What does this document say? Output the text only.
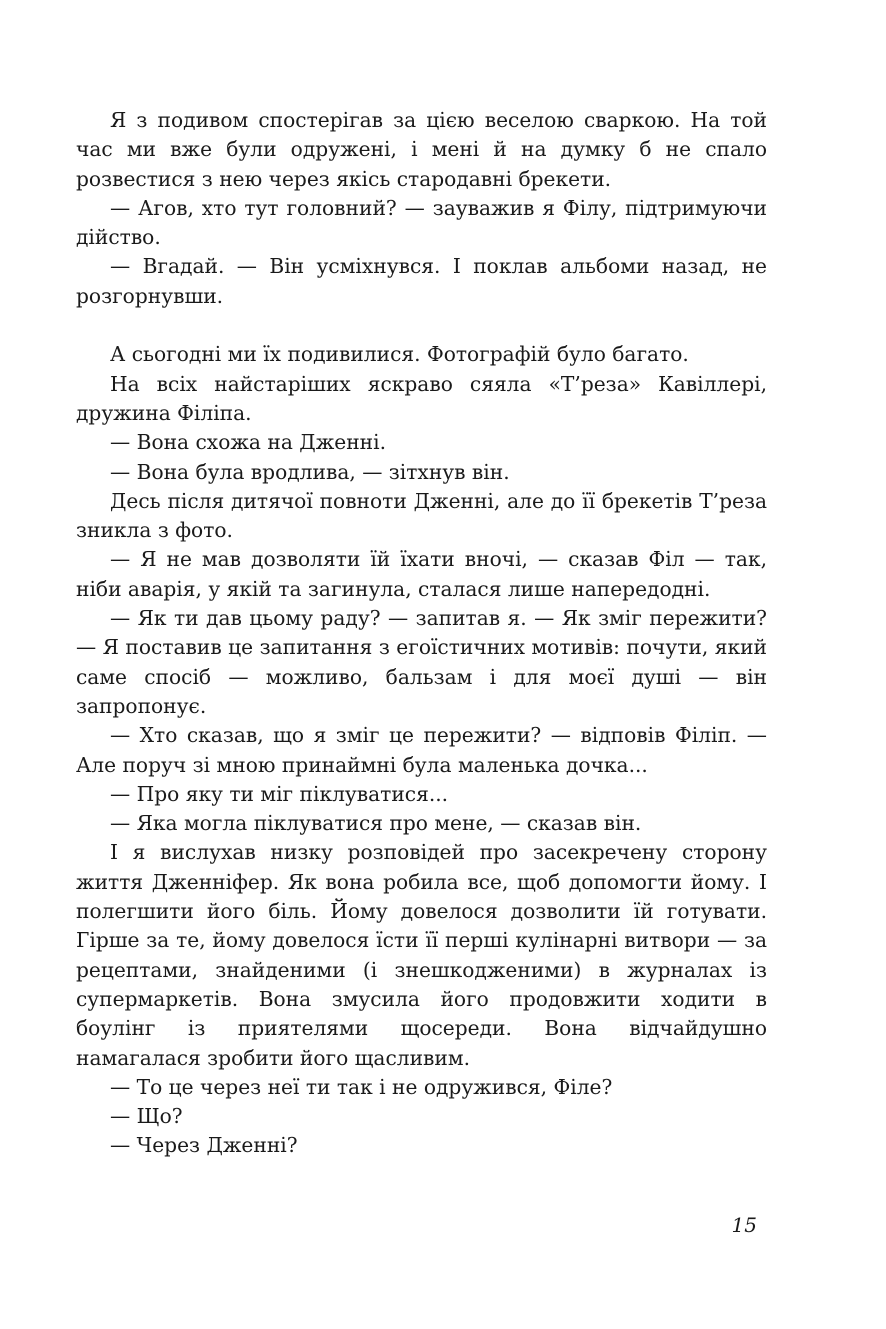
Я з подивом спостерігав за цією веселою сваркою. На той час ми вже були одружені, і мені й на думку б не спало розвестися з нею через якісь стародавні брекети.

— Агов, хто тут головний? — зауважив я Філу, підтримуючи дійство.

— Вгадай. — Він усміхнувся. І поклав альбоми назад, не розгорнувши.

А сьогодні ми їх подивилися. Фотографій було багато.

На всіх найстаріших яскраво сяяла «Т’реза» Кавіллері, дружина Філіпа.

— Вона схожа на Дженні.

— Вона була вродлива, — зітхнув він.

Десь після дитячої повноти Дженні, але до її брекетів Т’реза зникла з фото.

— Я не мав дозволяти їй їхати вночі, — сказав Філ — так, ніби аварія, у якій та загинула, сталася лише напередодні.

— Як ти дав цьому раду? — запитав я. — Як зміг пережити? — Я поставив це запитання з егоїстичних мотивів: почути, який саме спосіб — можливо, бальзам і для моєї душі — він запропонує.

— Хто сказав, що я зміг це пережити? — відповів Філіп. — Але поруч зі мною принаймні була маленька дочка...

— Про яку ти міг піклуватися...

— Яка могла піклуватися про мене, — сказав він.

І я вислухав низку розповідей про засекречену сторону життя Дженніфер. Як вона робила все, щоб допомогти йому. І полегшити його біль. Йому довелося дозволити їй готувати. Гірше за те, йому довелося їсти її перші кулінарні витвори — за рецептами, знайденими (і знешкодженими) в журналах із супермаркетів. Вона змусила його продовжити ходити в боулінг із приятелями щосереди. Вона відчайдушно намагалася зробити його щасливим.

— То це через неї ти так і не одружився, Філе?

— Що?

— Через Дженні?

15
